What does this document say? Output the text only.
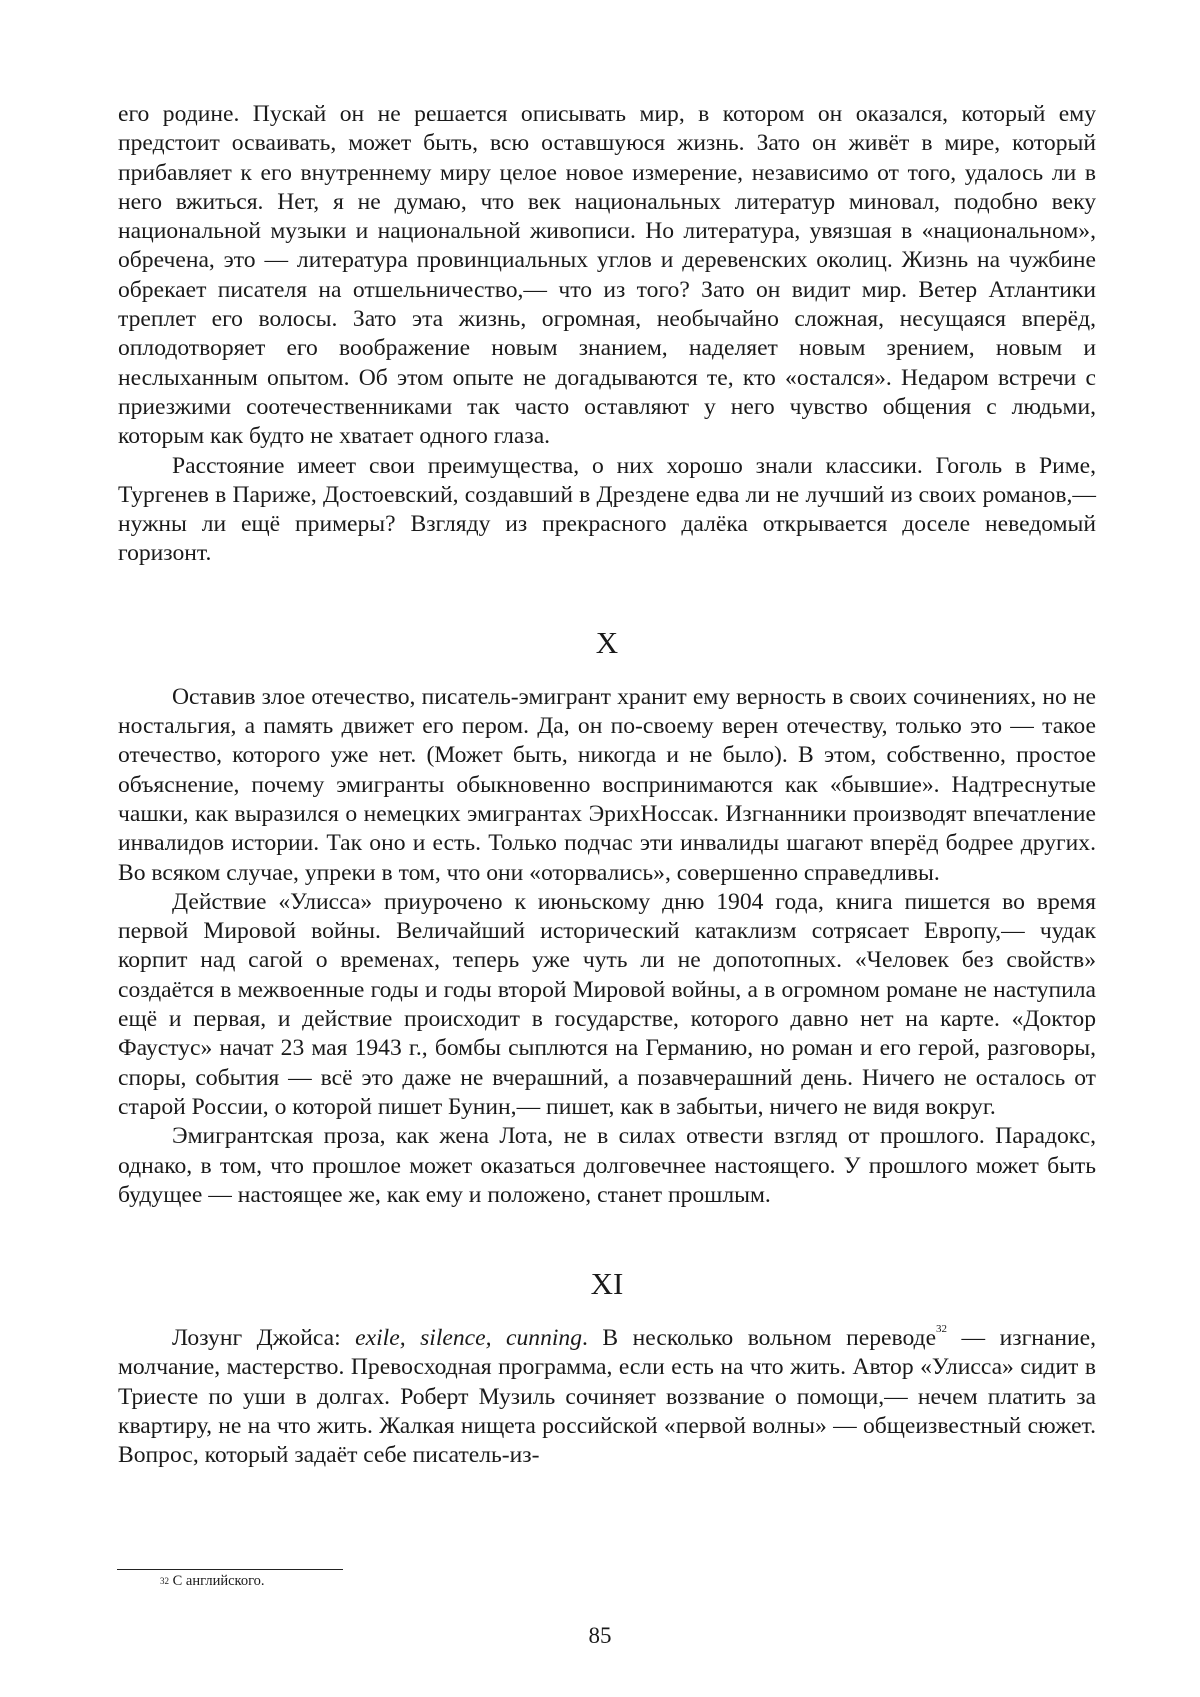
его родине. Пускай он не решается описывать мир, в котором он оказался, который ему предстоит осваивать, может быть, всю оставшуюся жизнь. Зато он живёт в мире, который прибавляет к его внутреннему миру целое новое измерение, независимо от того, удалось ли в него вжиться. Нет, я не думаю, что век национальных литератур миновал, подобно веку национальной музыки и национальной живописи. Но литература, увязшая в «национальном», обречена, это — литература провинциальных углов и деревенских околиц. Жизнь на чужбине обрекает писателя на отшельничество,— что из того? Зато он видит мир. Ветер Атлантики треплет его волосы. Зато эта жизнь, огромная, необычайно сложная, несущаяся вперёд, оплодотворяет его воображение новым знанием, наделяет новым зрением, новым и неслыханным опытом. Об этом опыте не догадываются те, кто «остался». Недаром встречи с приезжими соотечественниками так часто оставляют у него чувство общения с людьми, которым как будто не хватает одного глаза.

Расстояние имеет свои преимущества, о них хорошо знали классики. Гоголь в Риме, Тургенев в Париже, Достоевский, создавший в Дрездене едва ли не лучший из своих романов,— нужны ли ещё примеры? Взгляду из прекрасного далёка открывается доселе неведомый горизонт.

X

Оставив злое отечество, писатель-эмигрант хранит ему верность в своих сочинениях, но не ностальгия, а память движет его пером. Да, он по-своему верен отечеству, только это — такое отечество, которого уже нет. (Может быть, никогда и не было). В этом, собственно, простое объяснение, почему эмигранты обыкновенно воспринимаются как «бывшие». Надтреснутые чашки, как выразился о немецких эмигрантах ЭрихНоссак. Изгнанники производят впечатление инвалидов истории. Так оно и есть. Только подчас эти инвалиды шагают вперёд бодрее других. Во всяком случае, упреки в том, что они «оторвались», совершенно справедливы.

Действие «Улисса» приурочено к июньскому дню 1904 года, книга пишется во время первой Мировой войны. Величайший исторический катаклизм сотрясает Европу,— чудак корпит над сагой о временах, теперь уже чуть ли не допотопных. «Человек без свойств» создаётся в межвоенные годы и годы второй Мировой войны, а в огромном романе не наступила ещё и первая, и действие происходит в государстве, которого давно нет на карте. «Доктор Фаустус» начат 23 мая 1943 г., бомбы сыплются на Германию, но роман и его герой, разговоры, споры, события — всё это даже не вчерашний, а позавчерашний день. Ничего не осталось от старой России, о которой пишет Бунин,— пишет, как в забытьи, ничего не видя вокруг.

Эмигрантская проза, как жена Лота, не в силах отвести взгляд от прошлого. Парадокс, однако, в том, что прошлое может оказаться долговечнее настоящего. У прошлого может быть будущее — настоящее же, как ему и положено, станет прошлым.

XI

Лозунг Джойса: exile, silence, cunning. В несколько вольном переводе$^{32}$ — изгнание, молчание, мастерство. Превосходная программа, если есть на что жить. Автор «Улисса» сидит в Триесте по уши в долгах. Роберт Музиль сочиняет воззвание о помощи,— нечем платить за квартиру, не на что жить. Жалкая нищета российской «первой волны» — общеизвестный сюжет. Вопрос, который задаёт себе писатель-из-

$^{32}$ С английского.

85
